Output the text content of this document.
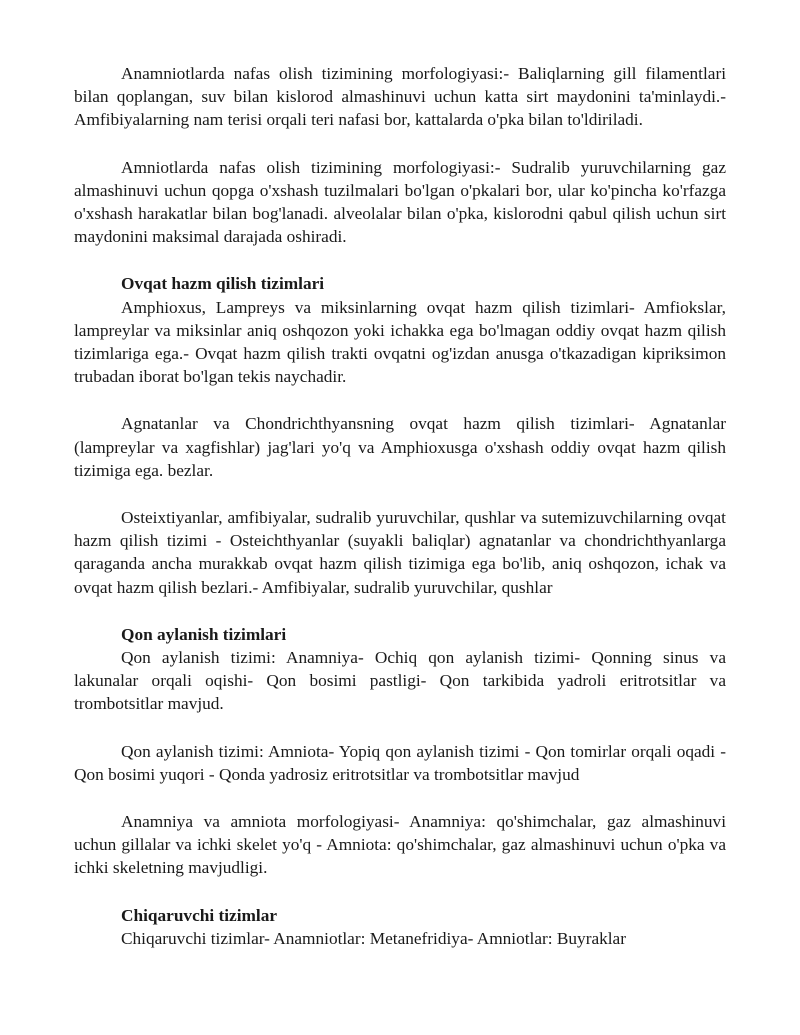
Anamniotlarda nafas olish tizimining morfologiyasi:- Baliqlarning gill filamentlari bilan qoplangan, suv bilan kislorod almashinuvi uchun katta sirt maydonini ta'minlaydi.- Amfibiyalarning nam terisi orqali teri nafasi bor, kattalarda o'pka bilan to'ldiriladi.

Amniotlarda nafas olish tizimining morfologiyasi:- Sudralib yuruvchilarning gaz almashinuvi uchun qopga o'xshash tuzilmalari bo'lgan o'pkalari bor, ular ko'pincha ko'rfazga o'xshash harakatlar bilan bog'lanadi. alveolalar bilan o'pka, kislorodni qabul qilish uchun sirt maydonini maksimal darajada oshiradi.

Ovqat hazm qilish tizimlari

Amphioxus, Lampreys va miksinlarning ovqat hazm qilish tizimlari- Amfiokslar, lampreylar va miksinlar aniq oshqozon yoki ichakka ega bo'lmagan oddiy ovqat hazm qilish tizimlariga ega.- Ovqat hazm qilish trakti ovqatni og'izdan anusga o'tkazadigan kipriksimon trubadan iborat bo'lgan tekis naychadir.

Agnatanlar va Chondrichthyansning ovqat hazm qilish tizimlari- Agnatanlar (lampreylar va xagfishlar) jag'lari yo'q va Amphioxusga o'xshash oddiy ovqat hazm qilish tizimiga ega. bezlar.

Osteixtiyanlar, amfibiyalar, sudralib yuruvchilar, qushlar va sutemizuvchilarning ovqat hazm qilish tizimi - Osteichthyanlar (suyakli baliqlar) agnatanlar va chondrichthyanlarga qaraganda ancha murakkab ovqat hazm qilish tizimiga ega bo'lib, aniq oshqozon, ichak va ovqat hazm qilish bezlari.- Amfibiyalar, sudralib yuruvchilar, qushlar

Qon aylanish tizimlari

Qon aylanish tizimi: Anamniya- Ochiq qon aylanish tizimi- Qonning sinus va lakunalar orqali oqishi- Qon bosimi pastligi- Qon tarkibida yadroli eritrotsitlar va trombotsitlar mavjud.

Qon aylanish tizimi: Amniota- Yopiq qon aylanish tizimi - Qon tomirlar orqali oqadi - Qon bosimi yuqori - Qonda yadrosiz eritrotsitlar va trombotsitlar mavjud

Anamniya va amniota morfologiyasi- Anamniya: qo'shimchalar, gaz almashinuvi uchun gillalar va ichki skelet yo'q - Amniota: qo'shimchalar, gaz almashinuvi uchun o'pka va ichki skeletning mavjudligi.

Chiqaruvchi tizimlar

Chiqaruvchi tizimlar- Anamniotlar: Metanefridiya- Amniotlar: Buyraklar
